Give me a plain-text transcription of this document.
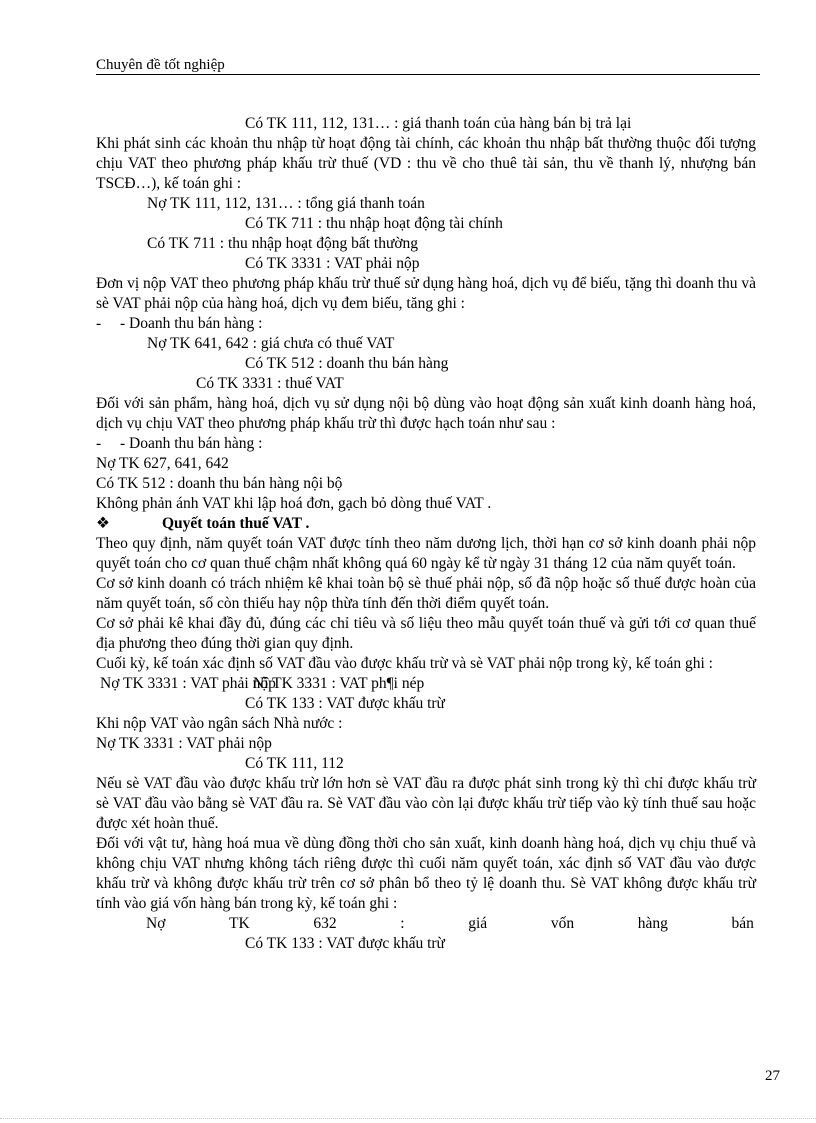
Chuyên đề tốt nghiệp

Có TK 111, 112, 131… : giá thanh toán của hàng bán bị trả lại

Khi phát sinh các khoản thu nhập từ hoạt động tài chính, các khoản thu nhập bất thường thuộc đối tượng chịu VAT theo phương pháp khấu trừ thuế (VD : thu về cho thuê tài sản, thu về thanh lý, nhượng bán TSCĐ…), kế toán ghi :

Nợ TK 111, 112, 131… : tổng giá thanh toán

Có TK 711 : thu nhập hoạt động tài chính

Có TK 711 : thu nhập hoạt động bất thường

Có TK 3331 : VAT phải nộp

Đơn vị nộp VAT theo phương pháp khấu trừ thuế sử dụng hàng hoá, dịch vụ để biếu, tặng thì doanh thu và sè VAT phải nộp của hàng hoá, dịch vụ đem biếu, tăng ghi :

-	- Doanh thu bán hàng :

Nợ TK 641, 642 : giá chưa có thuế VAT

Có TK 512 : doanh thu bán hàng

Có TK 3331 : thuế VAT

Đối với sản phẩm, hàng hoá, dịch vụ sử dụng nội bộ dùng vào hoạt động sản xuất kinh doanh hàng hoá, dịch vụ chịu VAT theo phương pháp khấu trừ thì được hạch toán như sau :

-	- Doanh thu bán hàng :

Nợ TK 627, 641, 642

Có TK 512 : doanh thu bán hàng nội bộ

Không phản ánh VAT khi lập hoá đơn, gạch bỏ dòng thuế VAT .

❖	Quyết toán thuế VAT .

Theo quy định, năm quyết toán VAT được tính theo năm dương lịch, thời hạn cơ sở kinh doanh phải nộp quyết toán cho cơ quan thuế chậm nhất không quá 60 ngày kể từ ngày 31 tháng 12 của năm quyết toán.

Cơ sở kinh doanh có trách nhiệm kê khai toàn bộ sè thuế phải nộp, số đã nộp hoặc số thuế được hoàn của năm quyết toán, số còn thiếu hay nộp thừa tính đến thời điểm quyết toán.

Cơ sở phải kê khai đầy đủ, đúng các chỉ tiêu và số liệu theo mẫu quyết toán thuế và gửi tới cơ quan thuế địa phương theo đúng thời gian quy định.

Cuối kỳ, kế toán xác định số VAT đầu vào được khấu trừ và sè VAT phải nộp trong kỳ, kế toán ghi :

Nợ TK 3331 : VAT phải nộp
Nî TK 3331 : VAT ph¶i nép

Có TK 133 : VAT được khấu trừ

Khi nộp VAT vào ngân sách Nhà nước :

Nợ TK 3331 : VAT phải nộp

Có TK 111, 112

Nếu sè VAT đầu vào được khấu trừ lớn hơn sè VAT đầu ra được phát sinh trong kỳ thì chỉ được khấu trừ sè VAT đầu vào bằng sè VAT đầu ra. Sè VAT đầu vào còn lại được khấu trừ tiếp vào kỳ tính thuế sau hoặc được xét hoàn thuế.

Đối với vật tư, hàng hoá mua về dùng đồng thời cho sản xuất, kinh doanh hàng hoá, dịch vụ chịu thuế và không chịu VAT nhưng không tách riêng được thì cuối năm quyết toán, xác định số VAT đầu vào được khấu trừ và không được khấu trừ trên cơ sở phân bổ theo tỷ lệ doanh thu. Sè VAT không được khấu trừ tính vào giá vốn hàng bán trong kỳ, kế toán ghi :

Nợ	TK	632	:	giá	vốn	hàng	bán

Có TK 133 : VAT được khấu trừ

27
